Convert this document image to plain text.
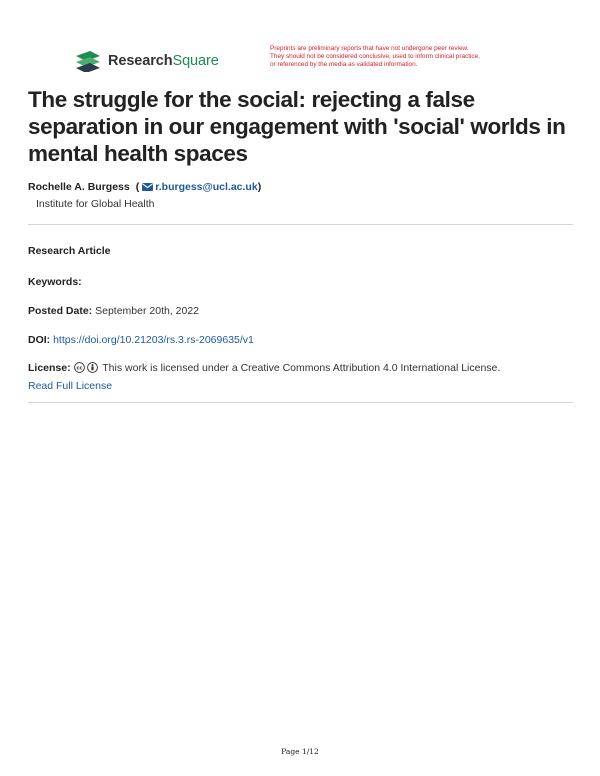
ResearchSquare
Preprints are preliminary reports that have not undergone peer review.
They should not be considered conclusive, used to inform clinical practice,
or referenced by the media as validated information.
The struggle for the social: rejecting a false separation in our engagement with 'social' worlds in mental health spaces
Rochelle A. Burgess ( r.burgess@ucl.ac.uk)
Institute for Global Health
Research Article
Keywords:
Posted Date: September 20th, 2022
DOI: https://doi.org/10.21203/rs.3.rs-2069635/v1
License: cc This work is licensed under a Creative Commons Attribution 4.0 International License.
Read Full License
Page 1/12
